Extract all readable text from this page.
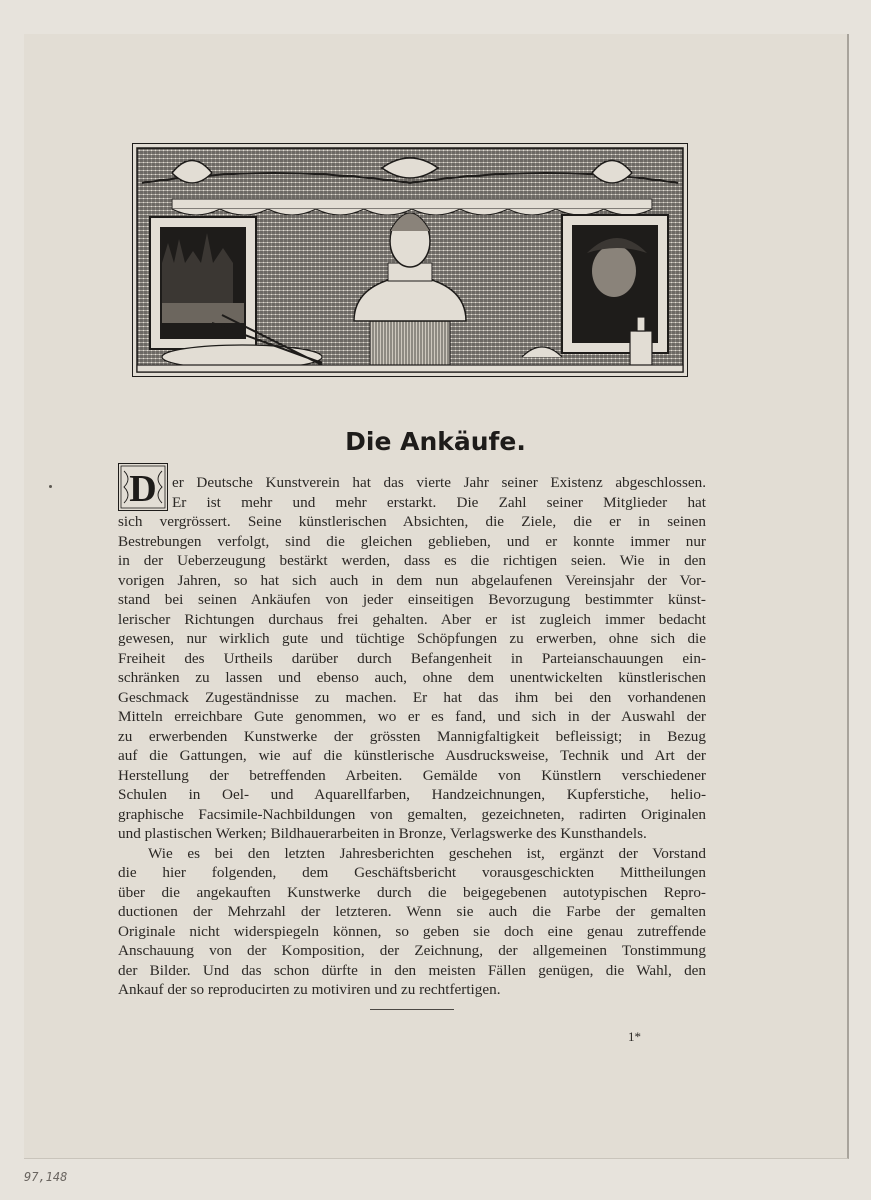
Die Ankäufe.
D	er Deutsche Kunstverein hat das vierte Jahr seiner Existenz abgeschlossen.
Er ist mehr und mehr erstarkt. Die Zahl seiner Mitglieder hat
sich vergrössert. Seine künstlerischen Absichten, die Ziele, die er in seinen
Bestrebungen verfolgt, sind die gleichen geblieben, und er konnte immer nur
in der Ueberzeugung bestärkt werden, dass es die richtigen seien. Wie in den
vorigen Jahren, so hat sich auch in dem nun abgelaufenen Vereinsjahr der Vor-
stand bei seinen Ankäufen von jeder einseitigen Bevorzugung bestimmter künst-
lerischer Richtungen durchaus frei gehalten. Aber er ist zugleich immer bedacht
gewesen, nur wirklich gute und tüchtige Schöpfungen zu erwerben, ohne sich die
Freiheit des Urtheils darüber durch Befangenheit in Parteianschauungen ein-
schränken zu lassen und ebenso auch, ohne dem unentwickelten künstlerischen
Geschmack Zugeständnisse zu machen. Er hat das ihm bei den vorhandenen
Mitteln erreichbare Gute genommen, wo er es fand, und sich in der Auswahl der
zu erwerbenden Kunstwerke der grössten Mannigfaltigkeit befleissigt; in Bezug
auf die Gattungen, wie auf die künstlerische Ausdrucksweise, Technik und Art der
Herstellung der betreffenden Arbeiten. Gemälde von Künstlern verschiedener
Schulen in Oel- und Aquarellfarben, Handzeichnungen, Kupferstiche, helio-
graphische Facsimile-Nachbildungen von gemalten, gezeichneten, radirten Originalen
und plastischen Werken; Bildhauerarbeiten in Bronze, Verlagswerke des Kunsthandels.
Wie es bei den letzten Jahresberichten geschehen ist, ergänzt der Vorstand
die hier folgenden, dem Geschäftsbericht vorausgeschickten Mittheilungen
über die angekauften Kunstwerke durch die beigegebenen autotypischen Repro-
ductionen der Mehrzahl der letzteren. Wenn sie auch die Farbe der gemalten
Originale nicht widerspiegeln können, so geben sie doch eine genau zutreffende
Anschauung von der Komposition, der Zeichnung, der allgemeinen Tonstimmung
der Bilder. Und das schon dürfte in den meisten Fällen genügen, die Wahl, den
Ankauf der so reproducirten zu motiviren und zu rechtfertigen.
1*
97,148
